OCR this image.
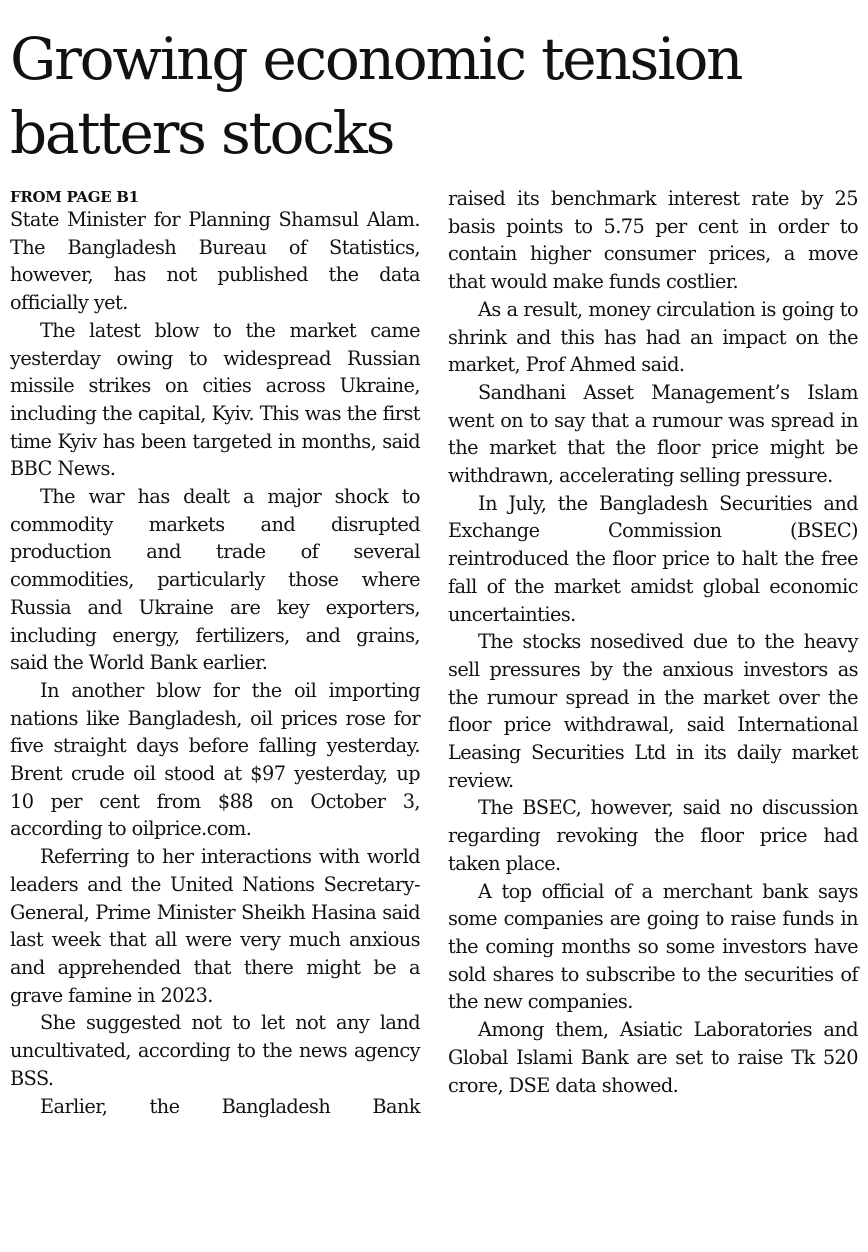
Growing economic tension batters stocks
FROM PAGE B1

State Minister for Planning Shamsul Alam. The Bangladesh Bureau of Statistics, however, has not published the data officially yet.

The latest blow to the market came yesterday owing to widespread Russian missile strikes on cities across Ukraine, including the capital, Kyiv. This was the first time Kyiv has been targeted in months, said BBC News.

The war has dealt a major shock to commodity markets and disrupted production and trade of several commodities, particularly those where Russia and Ukraine are key exporters, including energy, fertilizers, and grains, said the World Bank earlier.

In another blow for the oil importing nations like Bangladesh, oil prices rose for five straight days before falling yesterday. Brent crude oil stood at $97 yesterday, up 10 per cent from $88 on October 3, according to oilprice.com.

Referring to her interactions with world leaders and the United Nations Secretary-General, Prime Minister Sheikh Hasina said last week that all were very much anxious and apprehended that there might be a grave famine in 2023.

She suggested not to let not any land uncultivated, according to the news agency BSS.

Earlier, the Bangladesh Bank

raised its benchmark interest rate by 25 basis points to 5.75 per cent in order to contain higher consumer prices, a move that would make funds costlier.

As a result, money circulation is going to shrink and this has had an impact on the market, Prof Ahmed said.

Sandhani Asset Management’s Islam went on to say that a rumour was spread in the market that the floor price might be withdrawn, accelerating selling pressure.

In July, the Bangladesh Securities and Exchange Commission (BSEC) reintroduced the floor price to halt the free fall of the market amidst global economic uncertainties.

The stocks nosedived due to the heavy sell pressures by the anxious investors as the rumour spread in the market over the floor price withdrawal, said International Leasing Securities Ltd in its daily market review.

The BSEC, however, said no discussion regarding revoking the floor price had taken place.

A top official of a merchant bank says some companies are going to raise funds in the coming months so some investors have sold shares to subscribe to the securities of the new companies.

Among them, Asiatic Laboratories and Global Islami Bank are set to raise Tk 520 crore, DSE data showed.
